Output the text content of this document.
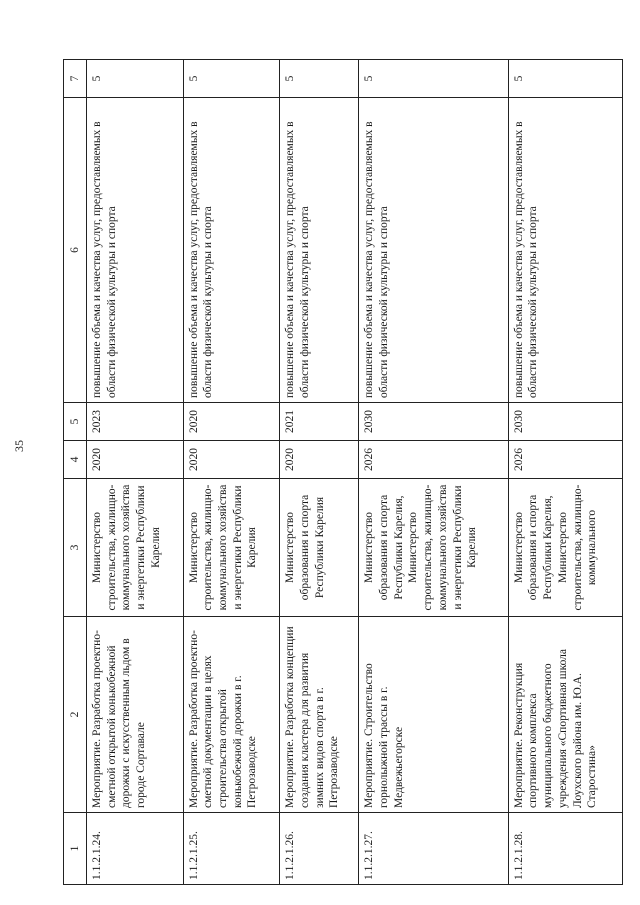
35
1	2	3	4	5	6	7
1.1.2.1.24.	Мероприятие. Разработка проектно-сметной открытой конькобежной дорожки с искусственным льдом в городе Сортавале	Министерство строительства, жилищно-коммунального хозяйства и энергетики Республики Карелия	2020	2023	повышение объема и качества услуг, предоставляемых в области физической культуры и спорта	5
1.1.2.1.25.	Мероприятие. Разработка проектно-сметной документации в целях строительства открытой конькобежной дорожки в г. Петрозаводске	Министерство строительства, жилищно-коммунального хозяйства и энергетики Республики Карелия	2020	2020	повышение объема и качества услуг, предоставляемых в области физической культуры и спорта	5
1.1.2.1.26.	Мероприятие. Разработка концепции создания кластера для развития зимних видов спорта в г. Петрозаводске	Министерство образования и спорта Республики Карелия	2020	2021	повышение объема и качества услуг, предоставляемых в области физической культуры и спорта	5
1.1.2.1.27.	Мероприятие. Строительство горнолыжной трассы в г. Медвежьегорске	Министерство образования и спорта Республики Карелия, Министерство строительства, жилищно-коммунального хозяйства и энергетики Республики Карелия	2026	2030	повышение объема и качества услуг, предоставляемых в области физической культуры и спорта	5
1.1.2.1.28.	Мероприятие. Реконструкция спортивного комплекса муниципального бюджетного учреждения «Спортивная школа Лоухского района им. Ю.А. Старостина»	Министерство образования и спорта Республики Карелия, Министерство строительства, жилищно-коммунального	2026	2030	повышение объема и качества услуг, предоставляемых в области физической культуры и спорта	5
